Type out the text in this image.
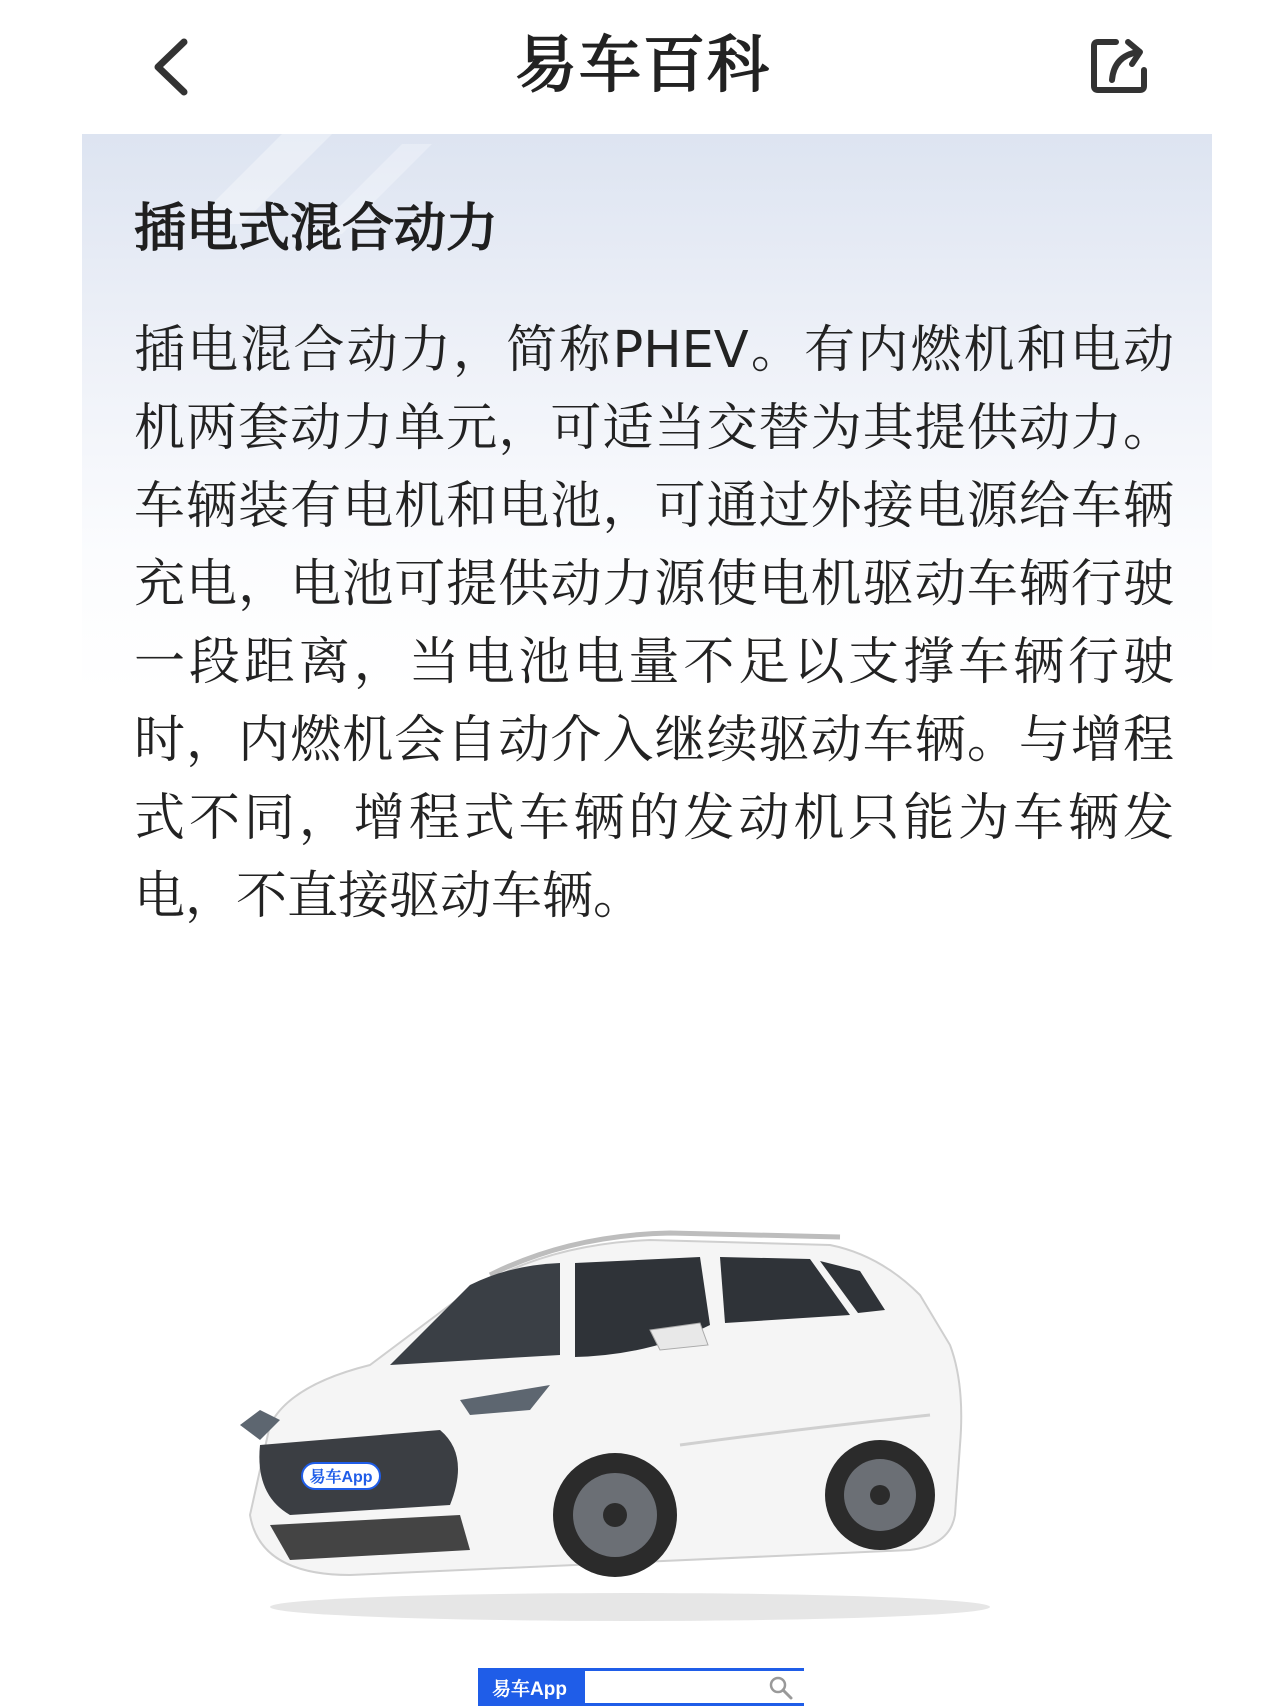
易车百科
插电式混合动力
插电混合动力，简称PHEV。有内燃机和电动机两套动力单元，可适当交替为其提供动力。车辆装有电机和电池，可通过外接电源给车辆充电，电池可提供动力源使电机驱动车辆行驶一段距离，当电池电量不足以支撑车辆行驶时，内燃机会自动介入继续驱动车辆。与增程式不同，增程式车辆的发动机只能为车辆发电，不直接驱动车辆。
易车App
易车App
